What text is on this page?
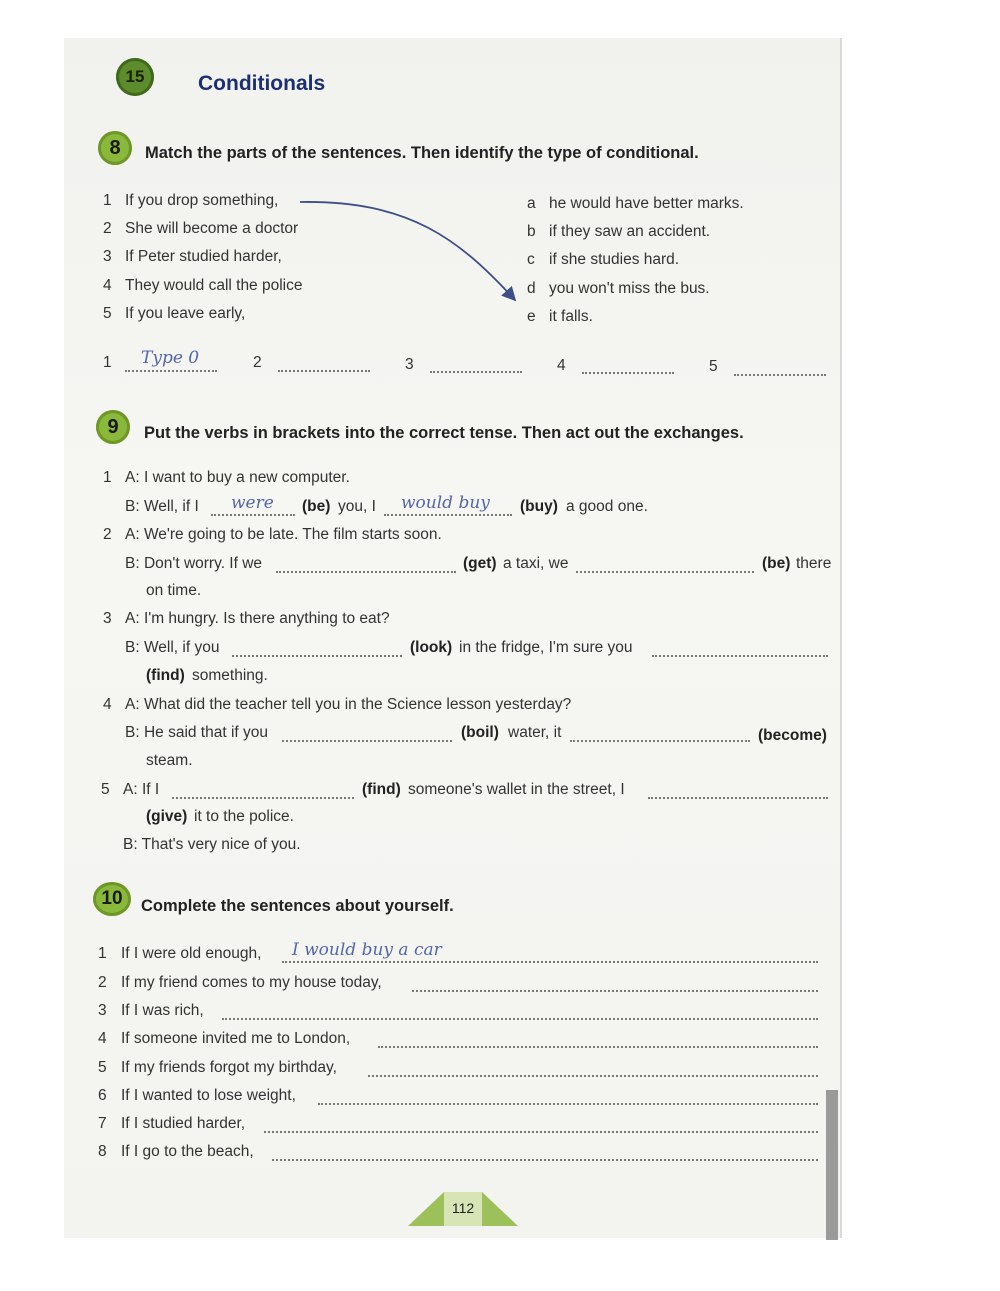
15	Conditionals
8	Match the parts of the sentences. Then identify the type of conditional.
1 If you drop something,
2 She will become a doctor
3 If Peter studied harder,
4 They would call the police
5 If you leave early,
a he would have better marks.
b if they saw an accident.
c if she studies hard.
d you won't miss the bus.
e it falls.
1 Type 0	2	3	4	5
9	Put the verbs in brackets into the correct tense. Then act out the exchanges.
1 A: I want to buy a new computer.
B: Well, if I were (be) you, I would buy (buy) a good one.
2 A: We're going to be late. The film starts soon.
B: Don't worry. If we	(get) a taxi, we	(be) there
on time.
3 A: I'm hungry. Is there anything to eat?
B: Well, if you	(look) in the fridge, I'm sure you
(find) something.
4 A: What did the teacher tell you in the Science lesson yesterday?
B: He said that if you	(boil) water, it	(become)
steam.
5 A: If I	(find) someone's wallet in the street, I
(give) it to the police.
B: That's very nice of you.
10	Complete the sentences about yourself.
1 If I were old enough, I would buy a car
2 If my friend comes to my house today,
3 If I was rich,
4 If someone invited me to London,
5 If my friends forgot my birthday,
6 If I wanted to lose weight,
7 If I studied harder,
8 If I go to the beach,
112
